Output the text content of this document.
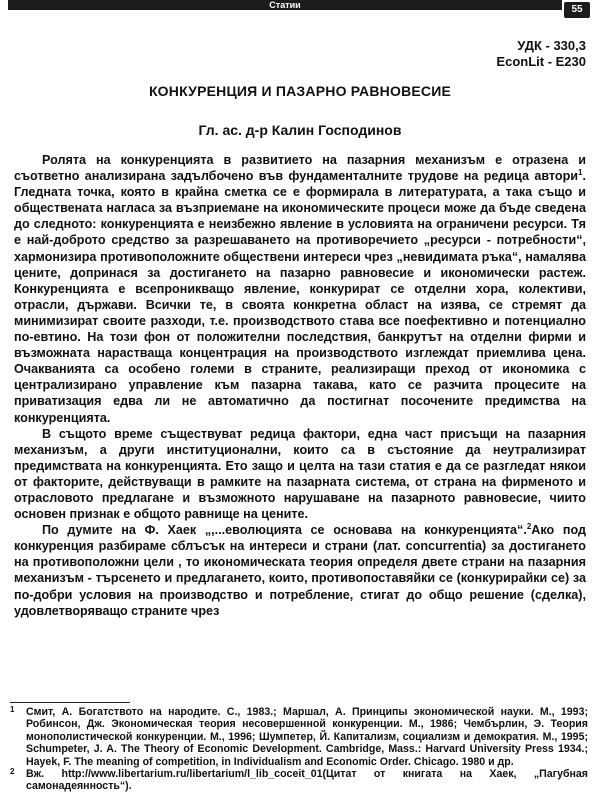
Статии	55
УДК - 330,3
EconLit - E230
КОНКУРЕНЦИЯ И ПАЗАРНО РАВНОВЕСИЕ
Гл. ас. д-р Калин Господинов

Ролята на конкуренцията в развитието на пазарния механизъм е отразена и съответно анализирана задълбочено във фундаменталните трудове на редица автори$^1$. Гледната точка, която в крайна сметка се е формирала в литературата, а така също и обществената нагласа за възприемане на икономическите процеси може да бъде сведена до следното: конкуренцията е неизбежно явление в условията на ограничени ресурси. Тя е най-доброто средство за разрешаването на противоречието „ресурси - потребности“, хармонизира противоположните обществени интереси чрез „невидимата ръка“, намалява цените, допринася за достигането на пазарно равновесие и икономически растеж. Конкуренцията е всепроникващо явление, конкурират се отделни хора, колективи, отрасли, държави. Всички те, в своята конкретна област на изява, се стремят да минимизират своите разходи, т.е. производството става все поефективно и потенциално по-евтино. На този фон от положителни последствия, банкрутът на отделни фирми и възможната нарастваща концентрация на производството изглеждат приемлива цена. Очакванията са особено големи в страните, реализиращи преход от икономика с централизирано управление към пазарна такава, като се разчита процесите на приватизация едва ли не автоматично да постигнат посочените предимства на конкуренцията.

В същото време съществуват редица фактори, една част присъщи на пазарния механизъм, а други институционални, които са в състояние да неутрализират предимствата на конкуренцията. Ето защо и целта на тази статия е да се разгледат някои от факторите, действуващи в рамките на пазарната система, от страна на фирменото и отрасловото предлагане и възможното нарушаване на пазарното равновесие, чиито основен признак е общото равнище на цените.

По думите на Ф. Хаек „,...еволюцията се основава на конкуренцията“.$^2$Ако под конкуренция разбираме сблъсък на интереси и страни (лат. concurrentia) за достигането на противоположни цели , то икономическата теория определя двете страни на пазарния механизъм - търсенето и предлагането, които, противопоставяйки се (конкурирайки се) за по-добри условия на производство и потребление, стигат до общо решение (сделка), удовлетворяващо страните чрез

1 Смит, А. Богатството на народите. С., 1983.; Маршал, А. Принципы экономической науки. М., 1993; Робинсон, Дж. Экономическая теория несовершенной конкуренции. М., 1986; Чембърлин, Э. Теория монополистической конкуренции. М., 1996; Шумпетер, Й. Капитализм, социализм и демократия. М., 1995; Schumpeter, J. A. The Theory of Economic Development. Cambridge, Mass.: Harvard University Press 1934.; Hayek, F. The meaning of competition, in Individualism and Economic Order. Chicago. 1980 и др.

2 Вж. http://www.libertarium.ru/libertarium/l_lib_coceit_01(Цитат от книгата на Хаек, „Пагубная самонадеянность“).
